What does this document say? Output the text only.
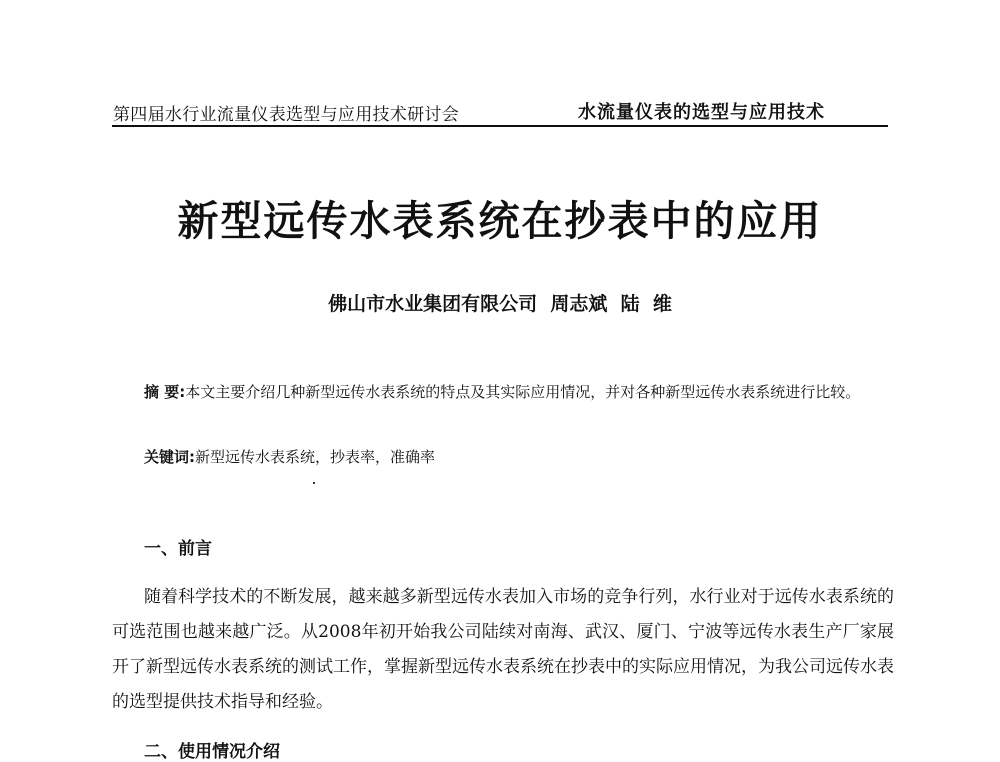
第四届水行业流量仪表选型与应用技术研讨会	水流量仪表的选型与应用技术
新型远传水表系统在抄表中的应用
佛山市水业集团有限公司  周志斌  陆  维
摘 要:本文主要介绍几种新型远传水表系统的特点及其实际应用情况，并对各种新型远传水表系统进行比较。
关键词:新型远传水表系统，抄表率，准确率
一、前言
随着科学技术的不断发展，越来越多新型远传水表加入市场的竞争行列，水行业对于远传水表系统的可选范围也越来越广泛。从2008年初开始我公司陆续对南海、武汉、厦门、宁波等远传水表生产厂家展开了新型远传水表系统的测试工作，掌握新型远传水表系统在抄表中的实际应用情况，为我公司远传水表的选型提供技术指导和经验。
二、使用情况介绍
